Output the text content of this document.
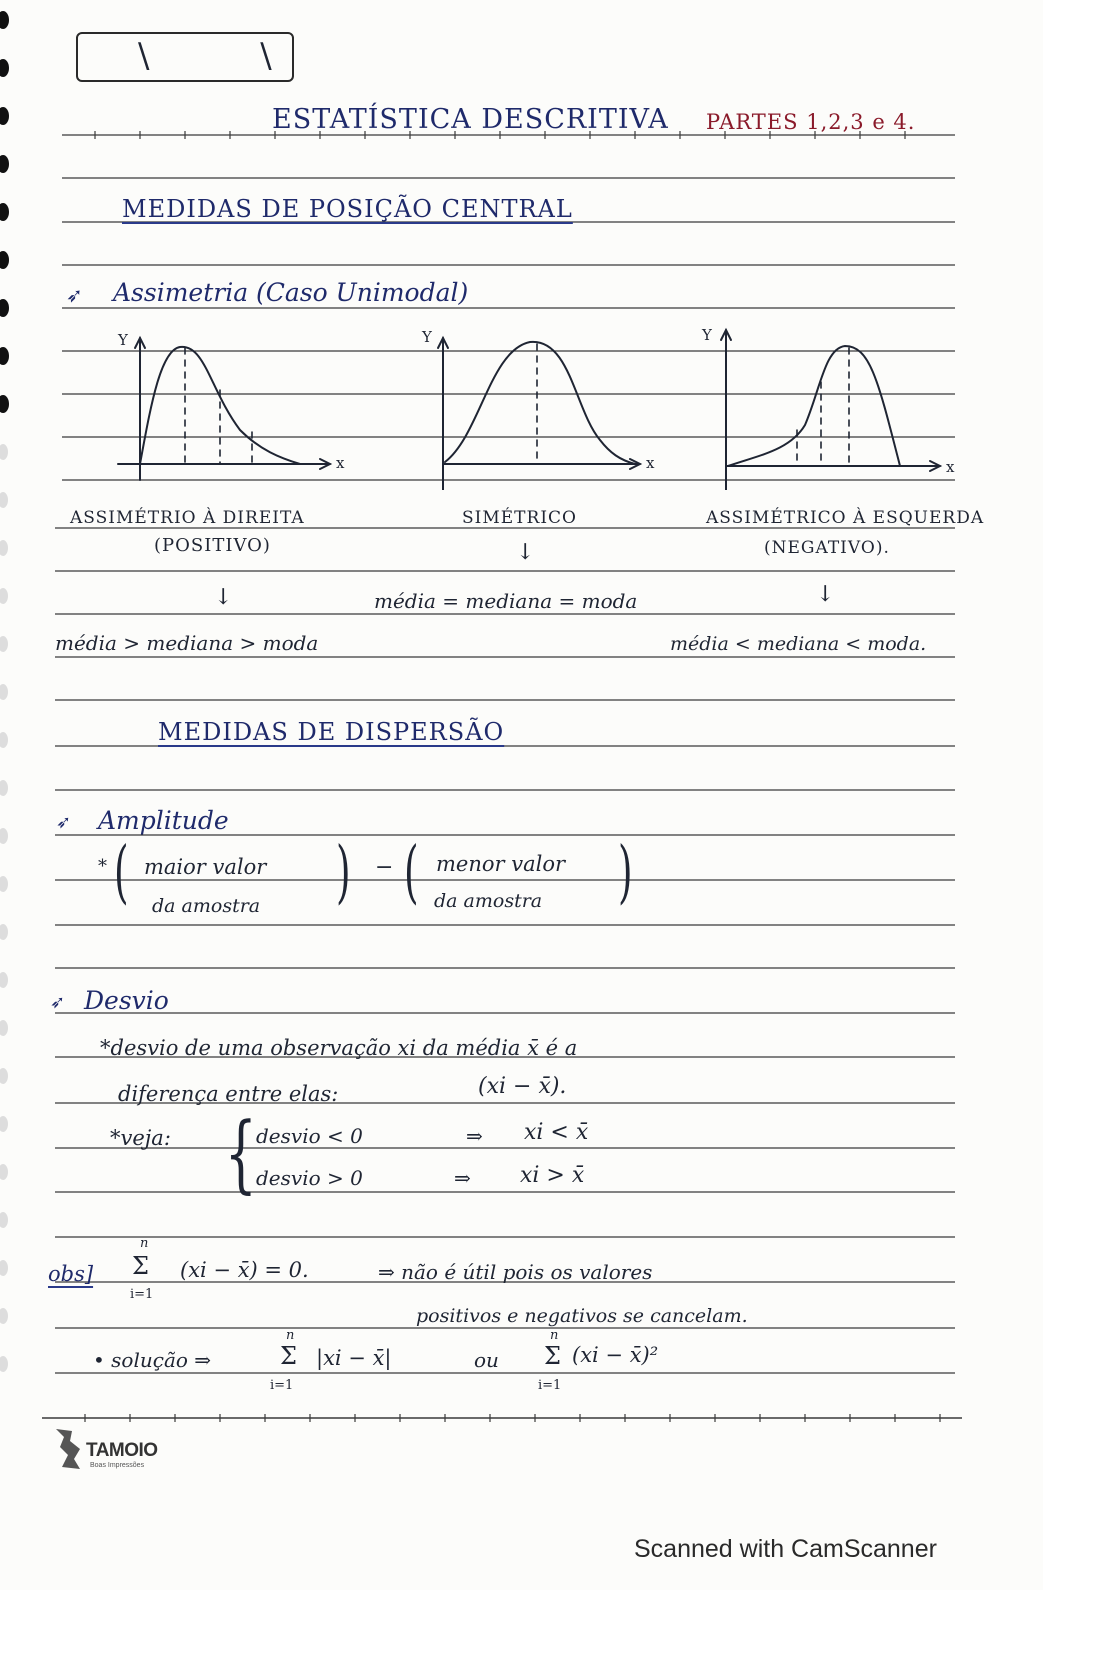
\ \
ESTATÍSTICA DESCRITIVA PARTES 1,2,3 e 4.
MEDIDAS DE POSIÇÃO CENTRAL
➶ Assimetria (Caso Unimodal)
Y
x
Y
x
Y
x
ASSIMÉTRIO À DIREITA
(POSITIVO)
SIMÉTRICO	ASSIMÉTRICO À ESQUERDA
(NEGATIVO).
↓
↓	↓
média = mediana = moda
média > mediana > moda	média < mediana < moda.
MEDIDAS DE DISPERSÃO
➶ Amplitude
* ( maior valor
da amostra ) − ( menor valor
da amostra )
➶ Desvio
*desvio de uma observação xi da média x̄ é a
diferença entre elas:	(xi − x̄).
*veja: { desvio < 0	⇒ xi < x̄
desvio > 0	⇒ xi > x̄
obs]
n
Σ
i=1
(xi − x̄) = 0.	⇒ não é útil pois os valores
positivos e negativos se cancelam.
• solução ⇒
n
Σ
i=1
|xi − x̄|	ou
n
Σ
i=1
(xi − x̄)²
TAMOIO
Boas Impressões
Scanned with CamScanner
